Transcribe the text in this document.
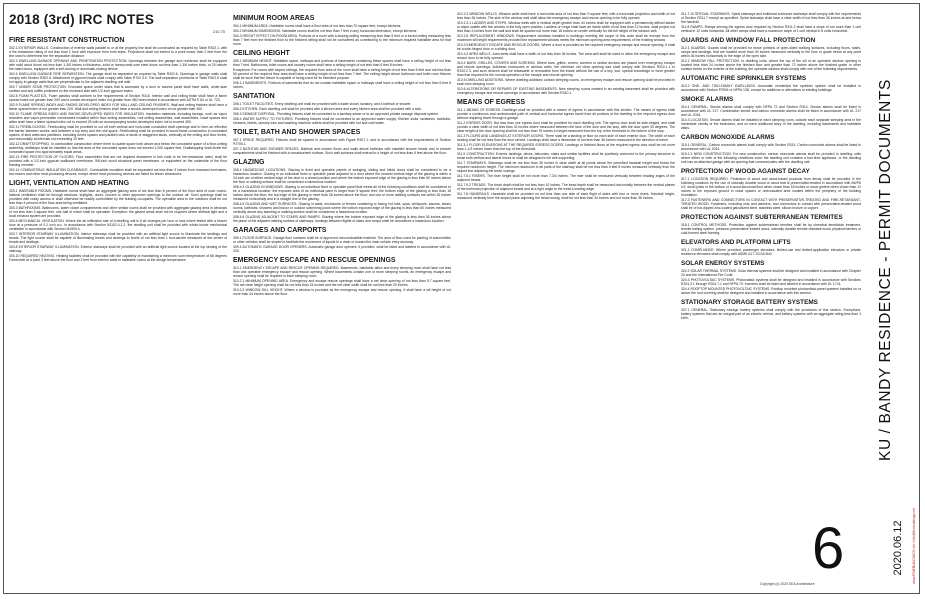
2018 (3rd) IRC NOTES
210.75
FIRE RESISTANT CONSTRUCTION
302.1 EXTERIOR WALLS. Construction of exterior walls parallel to or at the property line shall be constructed as required by Table R302.1, with a fire-resistance rating of not less than 1 hour with exposure from both sides. Projections shall not extend to a point closer than 2 feet from the line used to determine the fire separation distance.
302.3 DWELLING-GARAGE OPENING AND PENETRATION PROTECTION. Openings between the garage and residence shall be equipped with solid wood doors not less than 1-3/8 inches in thickness, solid or honeycomb-core steel doors not less than 1-3/8 inches thick, or 20-minute fire-rated doors, equipped with a self-closing or automatic-closing device.
302.6 DWELLING-GARAGE FIRE SEPARATION. The garage shall be separated as required by Table R302.6. Openings in garage walls shall comply with Section R302.5. Attachment of gypsum board shall comply with Table R702.3.5. The wall separation provisions of Table R302.6 shall not apply to garage walls that are perpendicular to the adjacent dwelling unit wall.
302.7 UNDER STAIR PROTECTION. Enclosed space under stairs that is accessed by a door or access panel shall have walls, under-stair surface and any soffits protected on the enclosed side with 1/2-inch gypsum board.
302.8 FOAM PLASTICS. Foam plastics shall conform to the requirements of Section R316. Interior wall and ceiling finish shall have a flame spread index not greater than 200 and a smoke-developed index not greater than 450 when tested in accordance with ASTM E 84 or UL 723.
302.9 FLAME SPREAD INDEX AND SMOKE-DEVELOPED INDEX FOR WALL AND CEILING FINISHES. Wall and ceiling finishes shall have a flame spread index of not greater than 200. Wall and ceiling finishes shall have a smoke-developed index of not greater than 450.
302.10 FLAME SPREAD INDEX AND SMOKE-DEVELOPED INDEX FOR INSULATION. Insulation materials, including facings, such as vapor retarders and vapor-permeable membranes installed within floor-ceiling assemblies, roof-ceiling assemblies, wall assemblies, crawl spaces and attics shall have a flame spread index not to exceed 25 with an accompanying smoke-developed index not to exceed 450.
302.11 FIREBLOCKING. Fireblocking shall be provided to cut off both vertical and horizontal concealed draft openings and to form an effective fire barrier between stories, and between a top story and the roof space. Fireblocking shall be provided in wood-frame construction in concealed spaces of stud walls and partitions, including furred spaces and parallel rows of studs or staggered studs, vertically at the ceiling and floor levels, and horizontally at intervals not exceeding 10 feet.
302.12 DRAFTSTOPPING. In combustible construction where there is usable space both above and below the concealed space of a floor-ceiling assembly, draftstops shall be installed so that the area of the concealed space does not exceed 1,000 square feet. Draftstopping shall divide the concealed space into approximately equal areas.
302.13 FIRE PROTECTION OF FLOORS. Floor assemblies that are not required elsewhere in this code to be fire-resistance rated, shall be provided with a 1/2-inch gypsum wallboard membrane, 5/8-inch wood structural panel membrane, or equivalent on the underside of the floor framing member.
302.14 COMBUSTIBLE INSULATION CLEARANCE. Combustible insulation shall be separated not less than 3 inches from recessed luminaires, fan motors and other heat-producing devices, except where heat-producing devices are listed for lesser clearances.
LIGHT, VENTILATION AND HEATING
303.1 HABITABLE ROOMS. Habitable rooms shall have an aggregate glazing area of not less than 8 percent of the floor area of such rooms. Natural ventilation shall be through windows, skylights, doors, louvers or other approved openings to the outdoor air. Such openings shall be provided with ready access or shall otherwise be readily controllable by the building occupants. The openable area to the outdoors shall be not less than 4 percent of the floor area being ventilated.
303.3 BATHROOMS. Bathrooms, water closet compartments and other similar rooms shall be provided with aggregate glazing area in windows of not less than 3 square feet, one-half of which shall be openable. Exception: the glazed areas shall not be required where artificial light and a local exhaust system are provided.
303.4 MECHANICAL VENTILATION. Where the air infiltration rate of a dwelling unit is 5 air changes per hour or less where tested with a blower door at a pressure of 0.2 inch w.c. in accordance with Section N1102.4.1.2, the dwelling unit shall be provided with whole-house mechanical ventilation in accordance with Section M1505.4.
303.7 INTERIOR STAIRWAY ILLUMINATION. Interior stairways shall be provided with an artificial light source to illuminate the landings and treads. The light source shall be capable of illuminating treads and landings to levels of not less than 1 foot-candle measured at the center of treads and landings.
303.8 EXTERIOR STAIRWAY ILLUMINATION. Exterior stairways shall be provided with an artificial light source located at the top landing of the stairway.
303.10 REQUIRED HEATING. Heating facilities shall be provided with the capability of maintaining a minimum room temperature of 68 degrees Fahrenheit at a point 3 feet above the floor and 2 feet from exterior walls in habitable rooms at the design temperature.
MINIMUM ROOM AREAS
304.1 MINIMUM AREA. Habitable rooms shall have a floor area of not less than 70 square feet, except kitchens.
304.2 MINIMUM DIMENSIONS. Habitable rooms shall be not less than 7 feet in any horizontal dimension, except kitchens.
304.3 HEIGHT EFFECT ON ROOM AREA. Portions of a room with a sloping ceiling measuring less than 5 feet or a furred ceiling measuring less than 7 feet from the finished floor to the finished ceiling shall not be considered as contributing to the minimum required habitable area for that room.
CEILING HEIGHT
305.1 MINIMUM HEIGHT. Habitable space, hallways and portions of basements containing these spaces shall have a ceiling height of not less than 7 feet. Bathrooms, toilet rooms and laundry rooms shall have a ceiling height of not less than 6 feet 8 inches.
Exceptions: For rooms with sloped ceilings, the required floor area of the room shall have a ceiling height of not less than 5 feet and not less than 50 percent of the required floor area shall have a ceiling height of not less than 7 feet. The ceiling height above bathroom and toilet room fixtures shall be such that the fixture is capable of being used for its intended purpose.
305.1.1 BASEMENTS. Portions of basements that do not contain habitable space or hallways shall have a ceiling height of not less than 6 feet 8 inches.
SANITATION
306.1 TOILET FACILITIES. Every dwelling unit shall be provided with a water closet, lavatory, and a bathtub or shower.
306.2 KITCHEN. Each dwelling unit shall be provided with a kitchen area and every kitchen area shall be provided with a sink.
306.3 SEWAGE DISPOSAL. Plumbing fixtures shall be connected to a sanitary sewer or to an approved private sewage disposal system.
306.4 WATER SUPPLY TO FIXTURES. Plumbing fixtures shall be connected to an approved water supply. Kitchen sinks, lavatories, bathtubs, showers, bidets, laundry tubs and washing machine outlets shall be provided with hot and cold water.
TOILET, BATH AND SHOWER SPACES
307.1 SPACE REQUIRED. Fixtures shall be spaced in accordance with Figure R307.1, and in accordance with the requirements of Section P2705.1.
307.2 BATHTUB AND SHOWER SPACES. Bathtub and shower floors and walls above bathtubs with installed shower heads and in shower compartments shall be finished with a nonabsorbent surface. Such wall surfaces shall extend to a height of not less than 6 feet above the floor.
GLAZING
308.4 HAZARDOUS LOCATIONS. Glazing in fixed and operable panels of swinging, sliding and bifold doors shall be considered to be a hazardous location. Glazing in an individual fixed or operable panel adjacent to a door where the nearest vertical edge of the glazing is within a 24-inch arc of either vertical edge of the door in a closed position and where the bottom exposed edge of the glazing is less than 60 inches above the floor or walking surface shall be considered a hazardous location.
308.4.3 GLAZING IN WINDOWS. Glazing in an individual fixed or operable panel that meets all of the following conditions shall be considered to be a hazardous location: the exposed area of an individual pane is larger than 9 square feet; the bottom edge of the glazing is less than 18 inches above the floor; the top edge of the glazing is more than 36 inches above the floor; and one or more walking surfaces are within 36 inches measured horizontally and in a straight line of the glazing.
308.4.5 GLAZING AND WET SURFACES. Glazing in walls, enclosures or fences containing or facing hot tubs, spas, whirlpools, saunas, steam rooms, bathtubs, showers and indoor or outdoor swimming pools where the bottom exposed edge of the glazing is less than 60 inches measured vertically above any standing or walking surface shall be considered a hazardous location.
308.4.6 GLAZING ADJACENT TO STAIRS AND RAMPS. Glazing where the bottom exposed edge of the glazing is less than 36 inches above the plane of the adjacent walking surface of stairways, landings between flights of stairs and ramps shall be considered a hazardous location.
GARAGES AND CARPORTS
309.1 FLOOR SURFACE. Garage floor surfaces shall be of approved noncombustible material. The area of floor used for parking of automobiles or other vehicles shall be sloped to facilitate the movement of liquids to a drain or toward the main vehicle entry doorway.
309.4 AUTOMATIC GARAGE DOOR OPENERS. Automatic garage door openers, if provided, shall be listed and labeled in accordance with UL 325.
EMERGENCY ESCAPE AND RESCUE OPENINGS
310.1 EMERGENCY ESCAPE AND RESCUE OPENING REQUIRED. Basements, habitable attics and every sleeping room shall have not less than one operable emergency escape and rescue opening. Where basements contain one or more sleeping rooms, an emergency escape and rescue opening shall be required in each sleeping room.
310.2.1 MINIMUM OPENING AREA. Emergency and escape rescue openings shall have a net clear opening of not less than 5.7 square feet. The net clear height opening shall be not less than 24 inches and the net clear width shall be not less than 20 inches.
310.2.2 WINDOW SILL HEIGHT. Where a window is provided as the emergency escape and rescue opening, it shall have a sill height of not more than 44 inches above the floor.
310.2.3 WINDOW WELLS. Window wells shall have a horizontal area of not less than 9 square feet, with a horizontal projection and width of not less than 36 inches. The size of the window well shall allow the emergency escape and rescue opening to be fully opened.
310.2.3.1 LADDER AND STEPS. Window wells with a vertical depth greater than 44 inches shall be equipped with a permanently affixed ladder or steps usable with the window in the fully open position. Ladders or rungs shall have an inside width of not less than 12 inches, shall project not less than 3 inches from the wall and shall be spaced not more than 18 inches on center vertically for the full height of the window well.
310.2.5 REPLACEMENT WINDOWS. Replacement windows installed in buildings meeting the scope of this code shall be exempt from the maximum sill height requirements provided the replacement window meets the minimum opening area requirements of the existing window.
310.3 EMERGENCY ESCAPE AND RESCUE DOORS. Where a door is provided as the required emergency escape and rescue opening, it shall be a side-hinged door or a sliding door.
310.3.2 AREA WELLS. Area wells shall have a width of not less than 36 inches. The area well shall be sized to allow the emergency escape and rescue door to be fully opened.
310.4 BARS, GRILLES, COVERS AND SCREENS. Where bars, grilles, covers, screens or similar devices are placed over emergency escape and rescue openings, bulkhead enclosures or window wells, the minimum net clear opening size shall comply with Sections R310.1.1 to R310.2.3, and such devices shall be releasable or removable from the inside without the use of a key, tool, special knowledge or force greater than that required for the normal operation of the escape and rescue opening.
310.5 DWELLING ADDITIONS. Where dwelling additions contain sleeping rooms, an emergency escape and rescue opening shall be provided in each new sleeping room.
310.6 ALTERATIONS OR REPAIRS OF EXISTING BASEMENTS. New sleeping rooms created in an existing basement shall be provided with emergency escape and rescue openings in accordance with Section R310.1.
MEANS OF EGRESS
311.1 MEANS OF EGRESS. Dwellings shall be provided with a means of egress in accordance with this section. The means of egress shall provide a continuous and unobstructed path of vertical and horizontal egress travel from all portions of the dwelling to the required egress door without requiring travel through a garage.
311.2 EGRESS DOOR. Not less than one egress door shall be provided for each dwelling unit. The egress door shall be side-hinged, and shall provide a clear width of not less than 32 inches where measured between the face of the door and the stop, with the door open 90 degrees. The clear height of the door opening shall be not less than 78 inches in height measured from the top of the threshold to the bottom of the stop.
311.3 FLOORS AND LANDINGS AT EXTERIOR DOORS. There shall be a landing or floor on each side of each exterior door. The width of each landing shall be not less than the door served. Landings shall have a dimension of not less than 36 inches measured in the direction of travel.
311.3.1 FLOOR ELEVATIONS AT THE REQUIRED EGRESS DOORS. Landings or finished floors at the required egress door shall be not more than 1-1/2 inches lower than the top of the threshold.
311.5 CONSTRUCTION. Exterior landings, decks, balconies, stairs and similar facilities shall be positively anchored to the primary structure to resist both vertical and lateral forces or shall be designed to be self-supporting.
311.7 STAIRWAYS. Stairways shall be not less than 36 inches in clear width at all points above the permitted handrail height and below the required headroom height. The minimum headroom in all parts of the stairway shall be not less than 6 feet 8 inches measured vertically from the sloped line adjoining the tread nosings.
311.7.5.1 RISERS. The riser height shall be not more than 7-3/4 inches. The riser shall be measured vertically between leading edges of the adjacent treads.
311.7.5.2 TREADS. The tread depth shall be not less than 10 inches. The tread depth shall be measured horizontally between the vertical planes of the foremost projection of adjacent treads and at a right angle to the tread's leading edge.
311.7.8 HANDRAILS. Handrails shall be provided on not less than one side of each flight of stairs with four or more risers. Handrail height, measured vertically from the sloped plane adjoining the tread nosing, shall be not less than 34 inches and not more than 38 inches.
311.7.10 SPECIAL STAIRWAYS. Spiral stairways and bulkhead enclosure stairways shall comply with the requirements of Section R311.7 except as specified. Spiral stairways shall have a clear width of not less than 26 inches at and below the handrail.
311.8 RAMPS. Ramps serving the egress door required by Section R311.2 shall have a slope of not more than 1 unit vertical in 12 units horizontal. All other ramps shall have a maximum slope of 1 unit vertical in 8 units horizontal.
GUARDS AND WINDOW FALL PROTECTION
312.1 GUARDS. Guards shall be provided for those portions of open-sided walking surfaces, including floors, stairs, ramps and landings, that are located more than 30 inches measured vertically to the floor or grade below at any point within 36 inches horizontally to the edge of the open side.
312.2 WINDOW FALL PROTECTION. In dwelling units, where the top of the sill of an operable window opening is located less than 24 inches above the finished floor and greater than 72 inches above the finished grade or other surface below on the exterior of the building, the operable window shall comply with one of the following requirements.
AUTOMATIC FIRE SPRINKLER SYSTEMS
313.2 ONE- AND TWO-FAMILY DWELLINGS. Automatic residential fire sprinkler system shall be installed in accordance with Section P2904 or NFPA 13D, except for additions or alterations to existing buildings.
SMOKE ALARMS
314.1 GENERAL. Smoke alarms shall comply with NFPA 72 and Section R314. Smoke alarms shall be listed in accordance with UL 217. Combination smoke and carbon monoxide alarms shall be listed in accordance with UL 217 and UL 2034.
314.3 LOCATION. Smoke alarms shall be installed in each sleeping room, outside each separate sleeping area in the immediate vicinity of the bedrooms, and on each additional story of the dwelling, including basements and habitable attics.
CARBON MONOXIDE ALARMS
315.1 GENERAL. Carbon monoxide alarms shall comply with Section R315. Carbon monoxide alarms shall be listed in accordance with UL 2034.
315.2.1 NEW CONSTRUCTION. For new construction, carbon monoxide alarms shall be provided in dwelling units where either or both of the following conditions exist: the dwelling unit contains a fuel-fired appliance, or the dwelling unit has an attached garage with an opening that communicates with the dwelling unit.
PROTECTION OF WOOD AGAINST DECAY
317.1 LOCATION REQUIRED. Protection of wood and wood-based products from decay shall be provided in the following locations by the use of naturally durable wood or wood that is preservative-treated in accordance with AWPA U1: wood joists or the bottom of a wood structural floor when closer than 18 inches or wood girders when closer than 12 inches to the exposed ground in crawl spaces or unexcavated area located within the periphery of the building foundation.
317.3 FASTENERS AND CONNECTORS IN CONTACT WITH PRESERVATIVE-TREATED AND FIRE-RETARDANT-TREATED WOOD. Fasteners, including nuts and washers, and connectors in contact with preservative-treated wood shall be of hot-dipped zinc-coated galvanized steel, stainless steel, silicon bronze or copper.
PROTECTION AGAINST SUBTERRANEAN TERMITES
318.1 CONTROL METHODS. Protection against subterranean termites shall be by chemical termiticide treatment, termite baiting system, pressure-preservative treated wood, naturally durable termite-resistant wood, physical barriers or cold-formed steel framing.
ELEVATORS AND PLATFORM LIFTS
321.1 COMPLIANCE. Where provided, passenger elevators, limited-use and limited-application elevators or private residence elevators shall comply with ASME A17.1/CSA B44.
SOLAR ENERGY SYSTEMS
324.2 SOLAR THERMAL SYSTEMS. Solar thermal systems shall be designed and installed in accordance with Chapter 23 and the International Fire Code.
324.3 PHOTOVOLTAIC SYSTEMS. Photovoltaic systems shall be designed and installed in accordance with Sections R324.3.1 through R324.7.1 and NFPA 70. Inverters shall be listed and labeled in accordance with UL 1741.
324.4 ROOFTOP MOUNTED PHOTOVOLTAIC SYSTEMS. Rooftop mounted photovoltaic panel systems installed on or above the roof covering shall be designed and installed in accordance with this section.
STATIONARY STORAGE BATTERY SYSTEMS
327.1 GENERAL. Stationary storage battery systems shall comply with the provisions of this section. Exceptions: battery systems that are an integral part of an electric vehicle, and battery systems with an aggregate rating less than 1 kWh.	KU / BANDY RESIDENCE - PERMIT DOCUMENTS
6	2020.06.12 www.FINEBUILDINGS.net / info@finebuildings.net
Copyright (c) 2020 DEA Architecture
